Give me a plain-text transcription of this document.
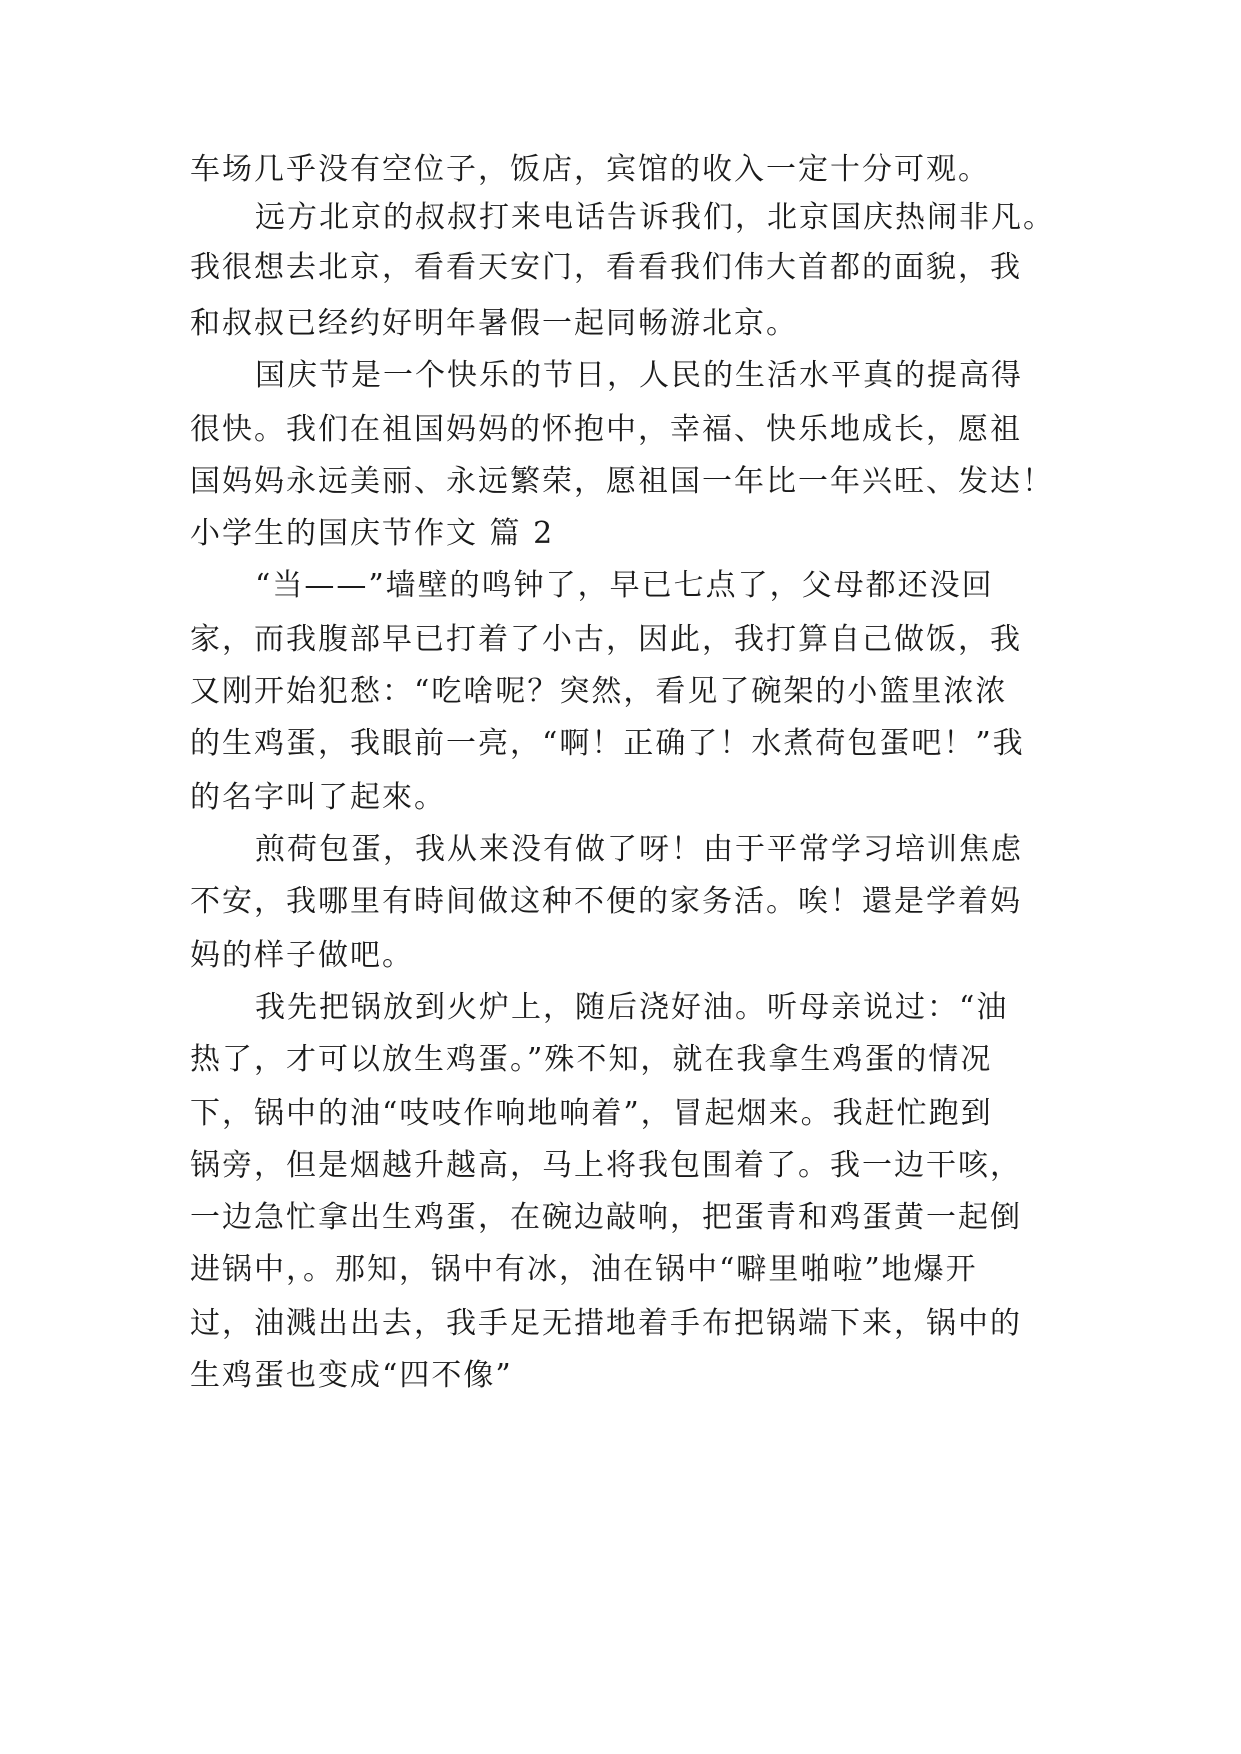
车场几乎没有空位子，饭店，宾馆的收入一定十分可观。
远方北京的叔叔打来电话告诉我们，北京国庆热闹非凡。
我很想去北京，看看天安门，看看我们伟大首都的面貌，我
和叔叔已经约好明年暑假一起同畅游北京。
国庆节是一个快乐的节日，人民的生活水平真的提高得
很快。我们在祖国妈妈的怀抱中，幸福、快乐地成长，愿祖
国妈妈永远美丽、永远繁荣，愿祖国一年比一年兴旺、发达！
小学生的国庆节作文 篇 2
“当——”墙壁的鸣钟了，早已七点了，父母都还没回
家，而我腹部早已打着了小古，因此，我打算自己做饭，我
又刚开始犯愁：“吃啥呢？突然，看见了碗架的小篮里浓浓
的生鸡蛋，我眼前一亮，“啊！正确了！水煮荷包蛋吧！”我
的名字叫了起來。
煎荷包蛋，我从来没有做了呀！由于平常学习培训焦虑
不安，我哪里有時间做这种不便的家务活。唉！還是学着妈
妈的样子做吧。
我先把锅放到火炉上，随后浇好油。听母亲说过：“油
热了，才可以放生鸡蛋。”殊不知，就在我拿生鸡蛋的情况
下，锅中的油“吱吱作响地响着”，冒起烟来。我赶忙跑到
锅旁，但是烟越升越高，马上将我包围着了。我一边干咳，
一边急忙拿出生鸡蛋，在碗边敲响，把蛋青和鸡蛋黄一起倒
进锅中，。那知，锅中有冰，油在锅中“噼里啪啦”地爆开
过，油溅出出去，我手足无措地着手布把锅端下来，锅中的
生鸡蛋也变成“四不像”
